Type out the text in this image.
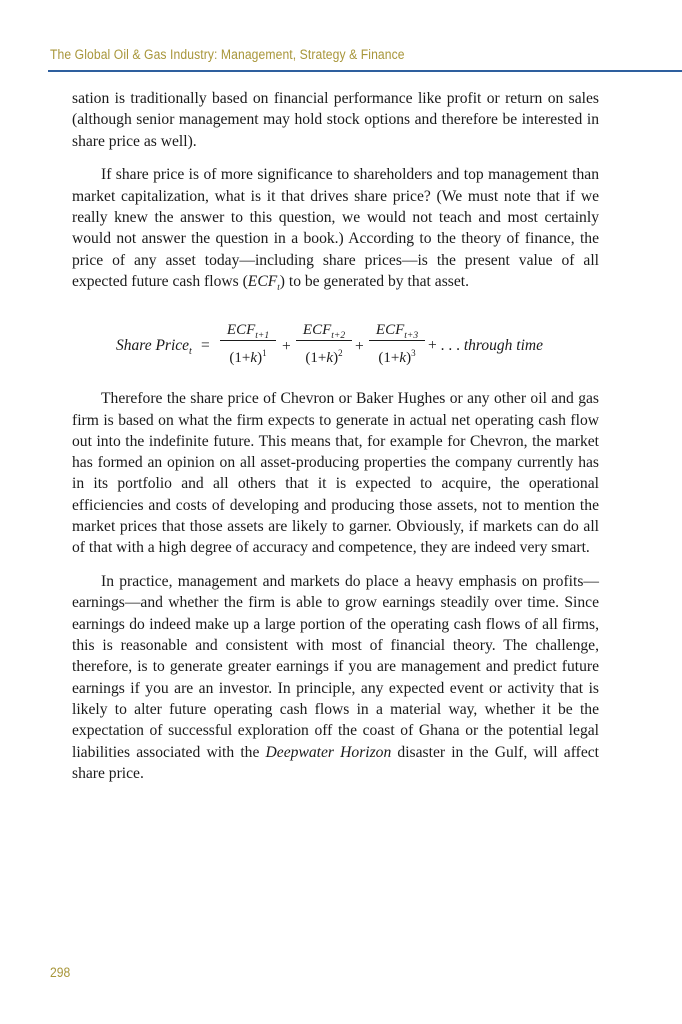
The Global Oil & Gas Industry: Management, Strategy & Finance

sation is traditionally based on financial performance like profit or return on sales (although senior management may hold stock options and therefore be interested in share price as well).

If share price is of more significance to shareholders and top management than market capitalization, what is it that drives share price? (We must note that if we really knew the answer to this question, we would not teach and most certainly would not answer the question in a book.) According to the theory of finance, the price of any asset today—including share prices—is the present value of all expected future cash flows $(ECF_t)$ to be generated by that asset.

Share Price$_t$ =
$ECF_{t+1}$
$(1+k)^1$ +
$ECF_{t+2}$
$(1+k)^2$ +
$ECF_{t+3}$
$(1+k)^3$ + . . . through time

Therefore the share price of Chevron or Baker Hughes or any other oil and gas firm is based on what the firm expects to generate in actual net operating cash flow out into the indefinite future. This means that, for example for Chevron, the market has formed an opinion on all asset-producing properties the company currently has in its portfolio and all others that it is expected to acquire, the operational efficiencies and costs of developing and producing those assets, not to mention the market prices that those assets are likely to garner. Obviously, if markets can do all of that with a high degree of accuracy and competence, they are indeed very smart.

In practice, management and markets do place a heavy emphasis on profits—earnings—and whether the firm is able to grow earnings steadily over time. Since earnings do indeed make up a large portion of the operating cash flows of all firms, this is reasonable and consistent with most of financial theory. The challenge, therefore, is to generate greater earnings if you are management and predict future earnings if you are an investor. In principle, any expected event or activity that is likely to alter future operating cash flows in a material way, whether it be the expectation of successful exploration off the coast of Ghana or the potential legal liabilities associated with the Deepwater Horizon disaster in the Gulf, will affect share price.

298
